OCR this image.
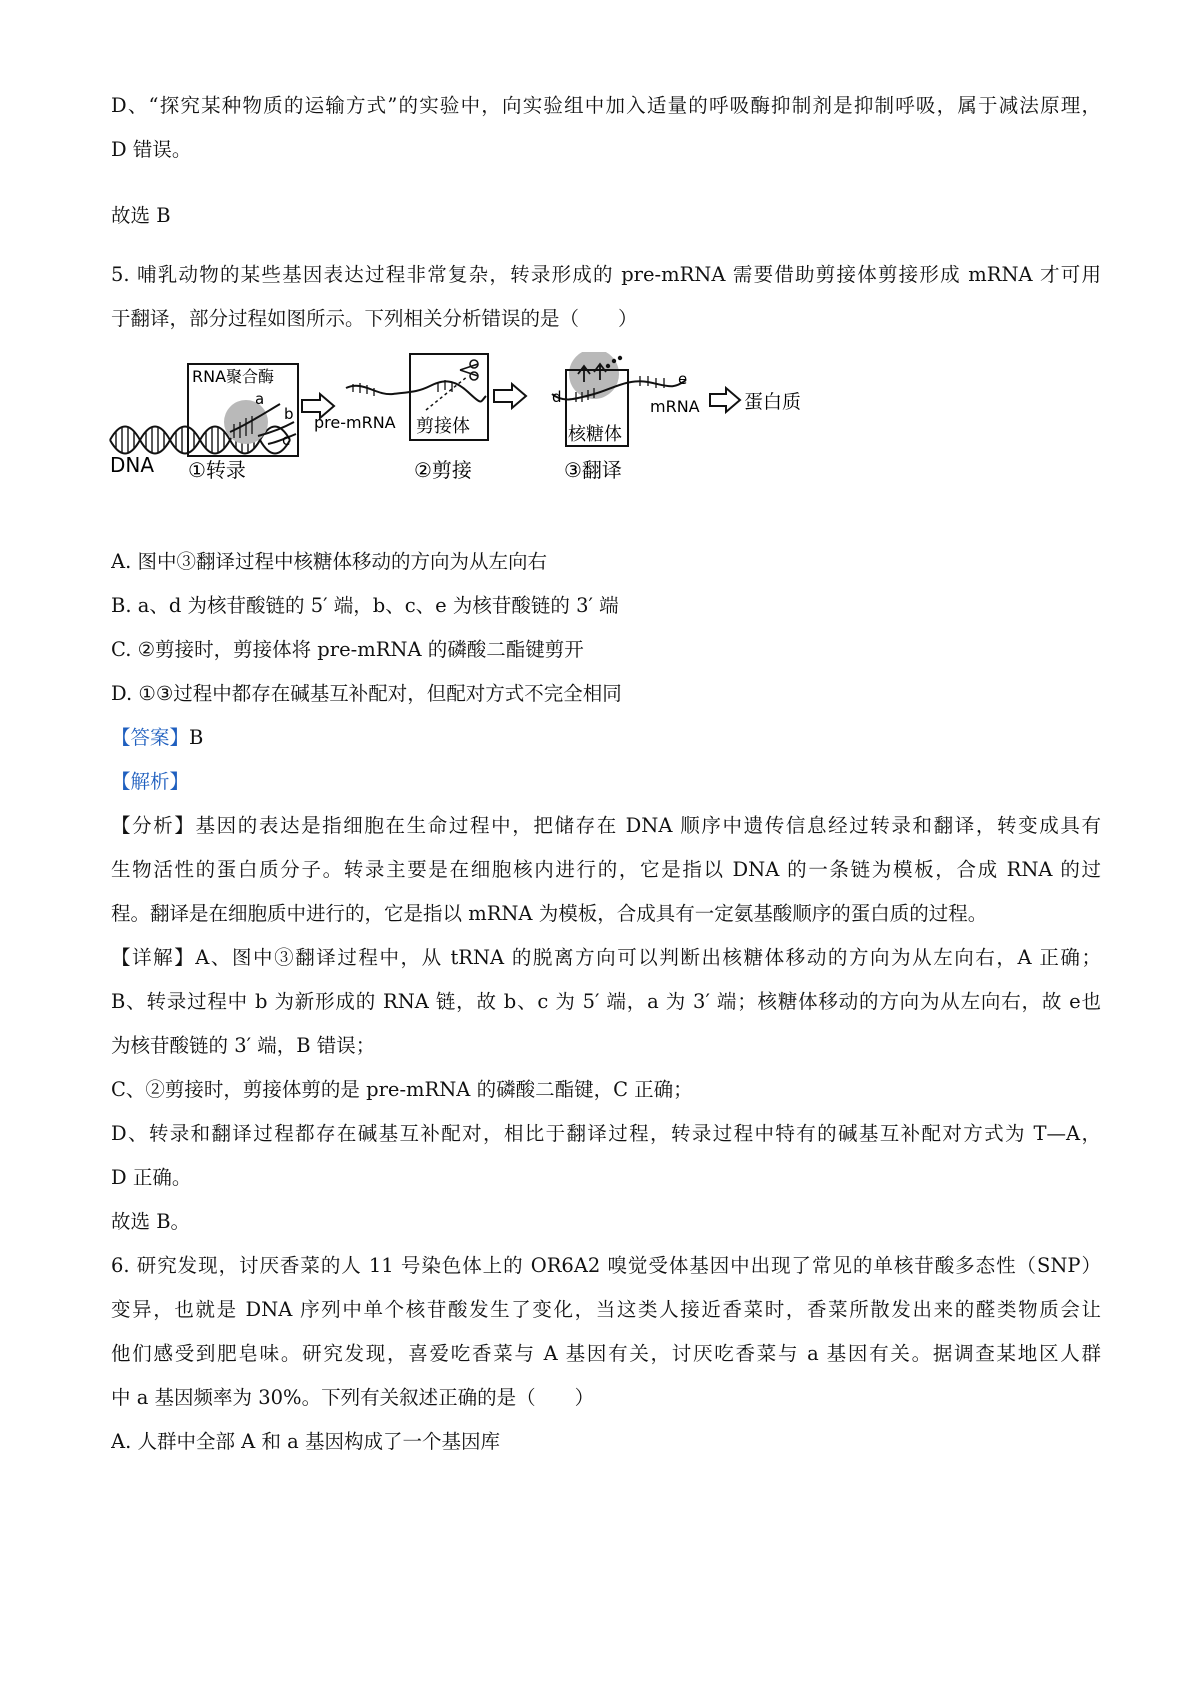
D、“探究某种物质的运输方式”的实验中，向实验组中加入适量的呼吸酶抑制剂是抑制呼吸，属于减法原理，
D 错误。
故选 B
5. 哺乳动物的某些基因表达过程非常复杂，转录形成的 pre-mRNA 需要借助剪接体剪接形成 mRNA 才可用
于翻译，部分过程如图所示。下列相关分析错误的是（　　）
DNA
RNA聚合酶
a
b
c
①转录
pre-mRNA 剪接体
②剪接
d
e
核糖体
mRNA
③翻译
蛋白质
A. 图中③翻译过程中核糖体移动的方向为从左向右
B. a、d 为核苷酸链的 5′ 端，b、c、e 为核苷酸链的 3′ 端
C. ②剪接时，剪接体将 pre-mRNA 的磷酸二酯键剪开
D. ①③过程中都存在碱基互补配对，但配对方式不完全相同
【答案】B
【解析】
【分析】基因的表达是指细胞在生命过程中，把储存在 DNA 顺序中遗传信息经过转录和翻译，转变成具有
生物活性的蛋白质分子。转录主要是在细胞核内进行的，它是指以 DNA 的一条链为模板，合成 RNA 的过
程。翻译是在细胞质中进行的，它是指以 mRNA 为模板，合成具有一定氨基酸顺序的蛋白质的过程。
【详解】A、图中③翻译过程中，从 tRNA 的脱离方向可以判断出核糖体移动的方向为从左向右，A 正确；
B、转录过程中 b 为新形成的 RNA 链，故 b、c 为 5′ 端，a 为 3′ 端；核糖体移动的方向为从左向右，故 e也
为核苷酸链的 3′ 端，B 错误；
C、②剪接时，剪接体剪的是 pre-mRNA 的磷酸二酯键，C 正确；
D、转录和翻译过程都存在碱基互补配对，相比于翻译过程，转录过程中特有的碱基互补配对方式为 T—A，
D 正确。
故选 B。
6. 研究发现，讨厌香菜的人 11 号染色体上的 OR6A2 嗅觉受体基因中出现了常见的单核苷酸多态性（SNP）
变异，也就是 DNA 序列中单个核苷酸发生了变化，当这类人接近香菜时，香菜所散发出来的醛类物质会让
他们感受到肥皂味。研究发现，喜爱吃香菜与 A 基因有关，讨厌吃香菜与 a 基因有关。据调查某地区人群
中 a 基因频率为 30%。下列有关叙述正确的是（　　）
A. 人群中全部 A 和 a 基因构成了一个基因库
